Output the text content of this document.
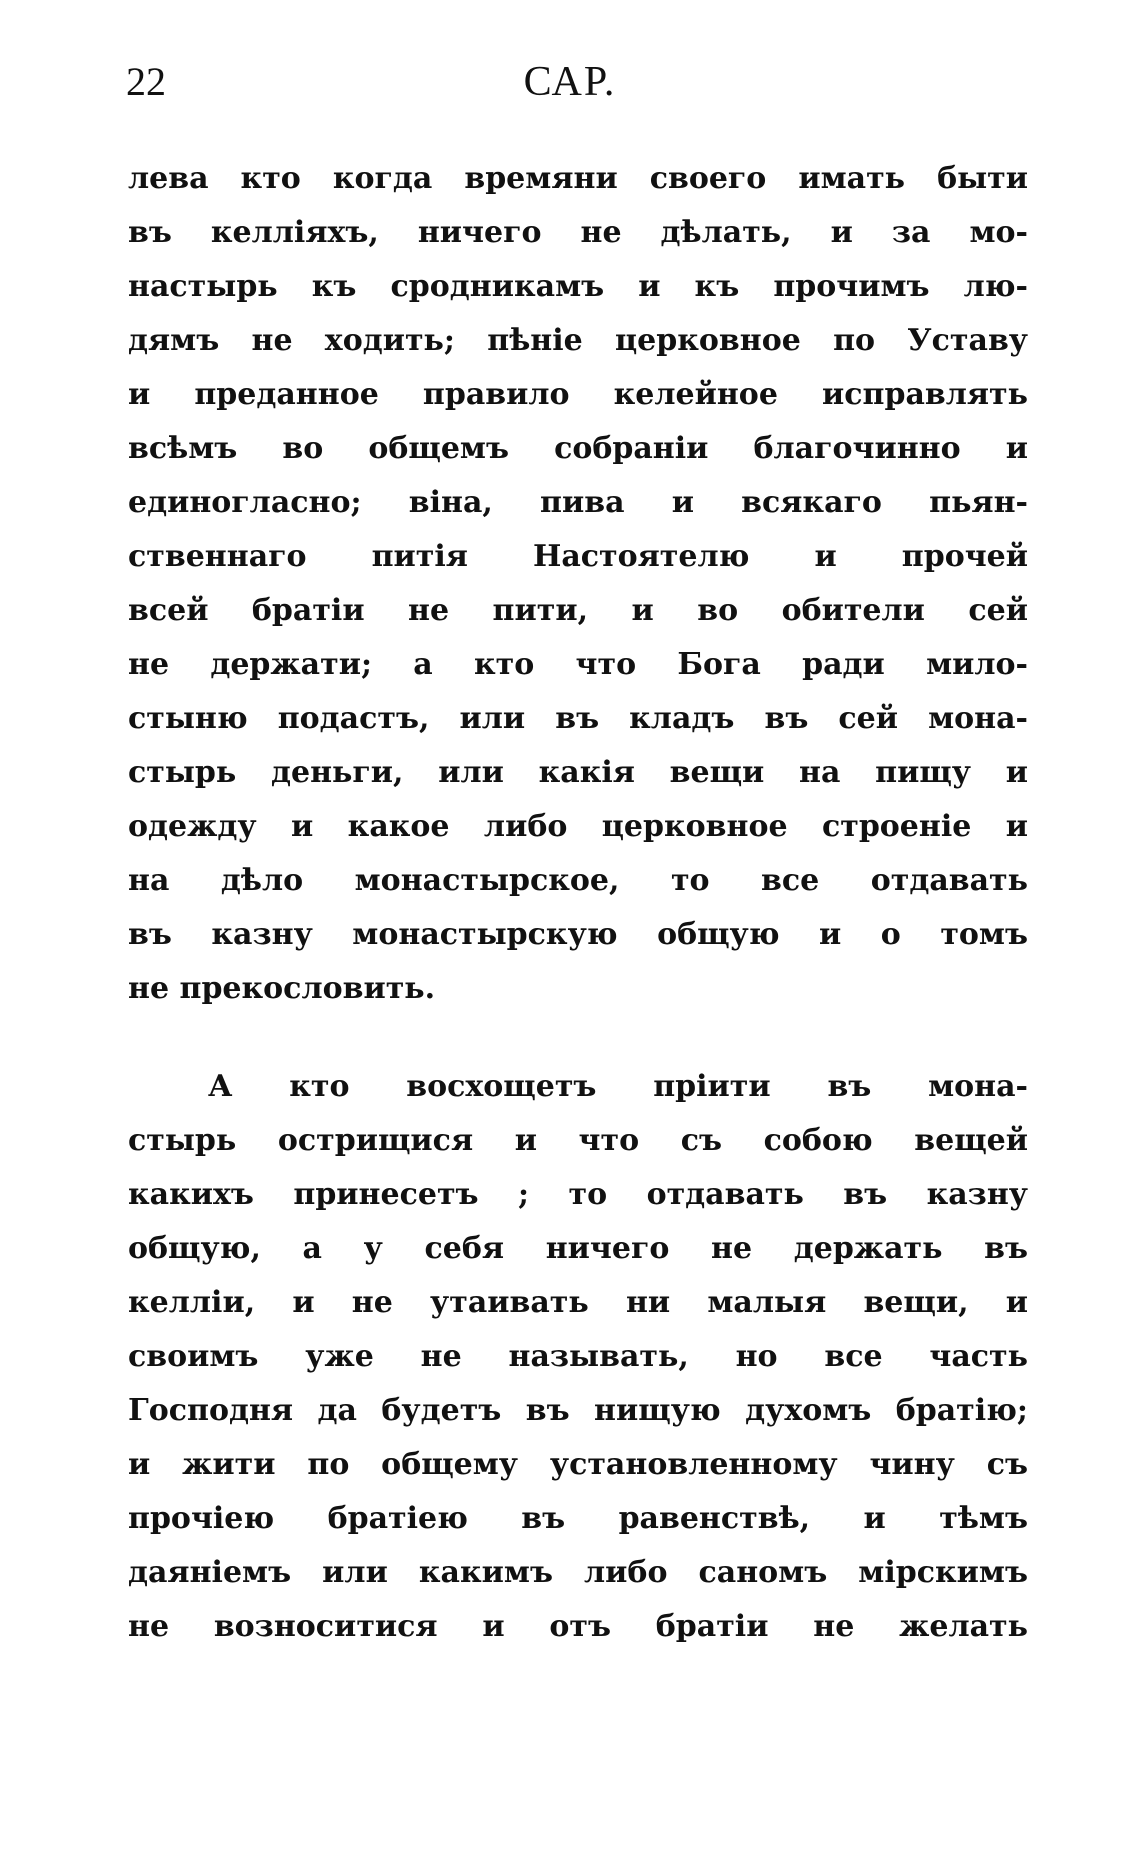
22	САР.
лева кто когда времяни своего имать быти
въ келліяхъ, ничего не дѣлать, и за мо-
настырь къ сродникамъ и къ прочимъ лю-
дямъ не ходить; пѣніе церковное по Уставу
и преданное правило келейное исправлять
всѣмъ во общемъ собраніи благочинно и
единогласно; віна, пива и всякаго пьян-
ственнаго питія Настоятелю и прочей
всей братіи не пити, и во обители сей
не держати; а кто что Бога ради мило-
стыню подастъ, или въ кладъ въ сей мона-
стырь деньги, или какія вещи на пищу и
одежду и какое либо церковное строеніе и
на дѣло монастырское, то все отдавать
въ казну монастырскую общую и о томъ
не прекословить.
А кто восхощетъ пріити въ мона-
стырь острищися и что съ собою вещей
какихъ принесетъ ; то отдавать въ казну
общую, а у себя ничего не держать въ
келліи, и не утаивать ни малыя вещи, и
своимъ уже не называть, но все часть
Господня да будетъ въ нищую духомъ братію;
и жити по общему установленному чину съ
прочіею братіею въ равенствѣ, и тѣмъ
даяніемъ или какимъ либо саномъ мірскимъ
не возноситися и отъ братіи не желать
